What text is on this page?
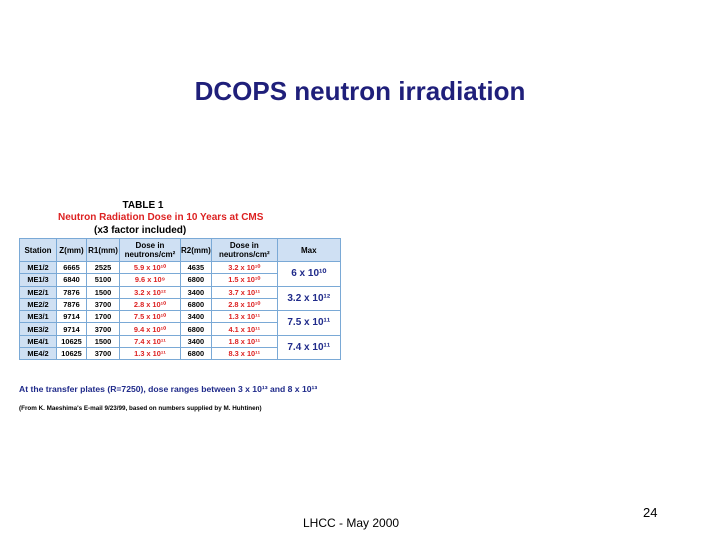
DCOPS neutron irradiation
TABLE 1
Neutron Radiation Dose in 10 Years at CMS
(x3 factor included)
Station	Z(mm)	R1(mm)	Dose in neutrons/cm²	R2(mm)	Dose in neutrons/cm²	Max
ME1/2	6665	2525	5.9 x 10¹⁰	4635	3.2 x 10¹⁰	6 x 10¹⁰
ME1/3	6840	5100	9.6 x 10⁹	6800	1.5 x 10¹⁰	
ME2/1	7876	1500	3.2 x 10¹²	3400	3.7 x 10¹¹	3.2 x 10¹²
ME2/2	7876	3700	2.8 x 10¹⁰	6800	2.8 x 10¹⁰	
ME3/1	9714	1700	7.5 x 10¹⁰	3400	1.3 x 10¹¹	7.5 x 10¹¹
ME3/2	9714	3700	9.4 x 10¹⁰	6800	4.1 x 10¹¹	
ME4/1	10625	1500	7.4 x 10¹¹	3400	1.8 x 10¹¹	7.4 x 10¹¹
ME4/2	10625	3700	1.3 x 10¹¹	6800	8.3 x 10¹¹	
At the transfer plates (R=7250), dose ranges between 3 x 10¹³ and 8 x 10¹³
(From K. Maeshima's E-mail 9/23/99, based on numbers supplied by M. Huhtinen)
LHCC - May 2000
24
